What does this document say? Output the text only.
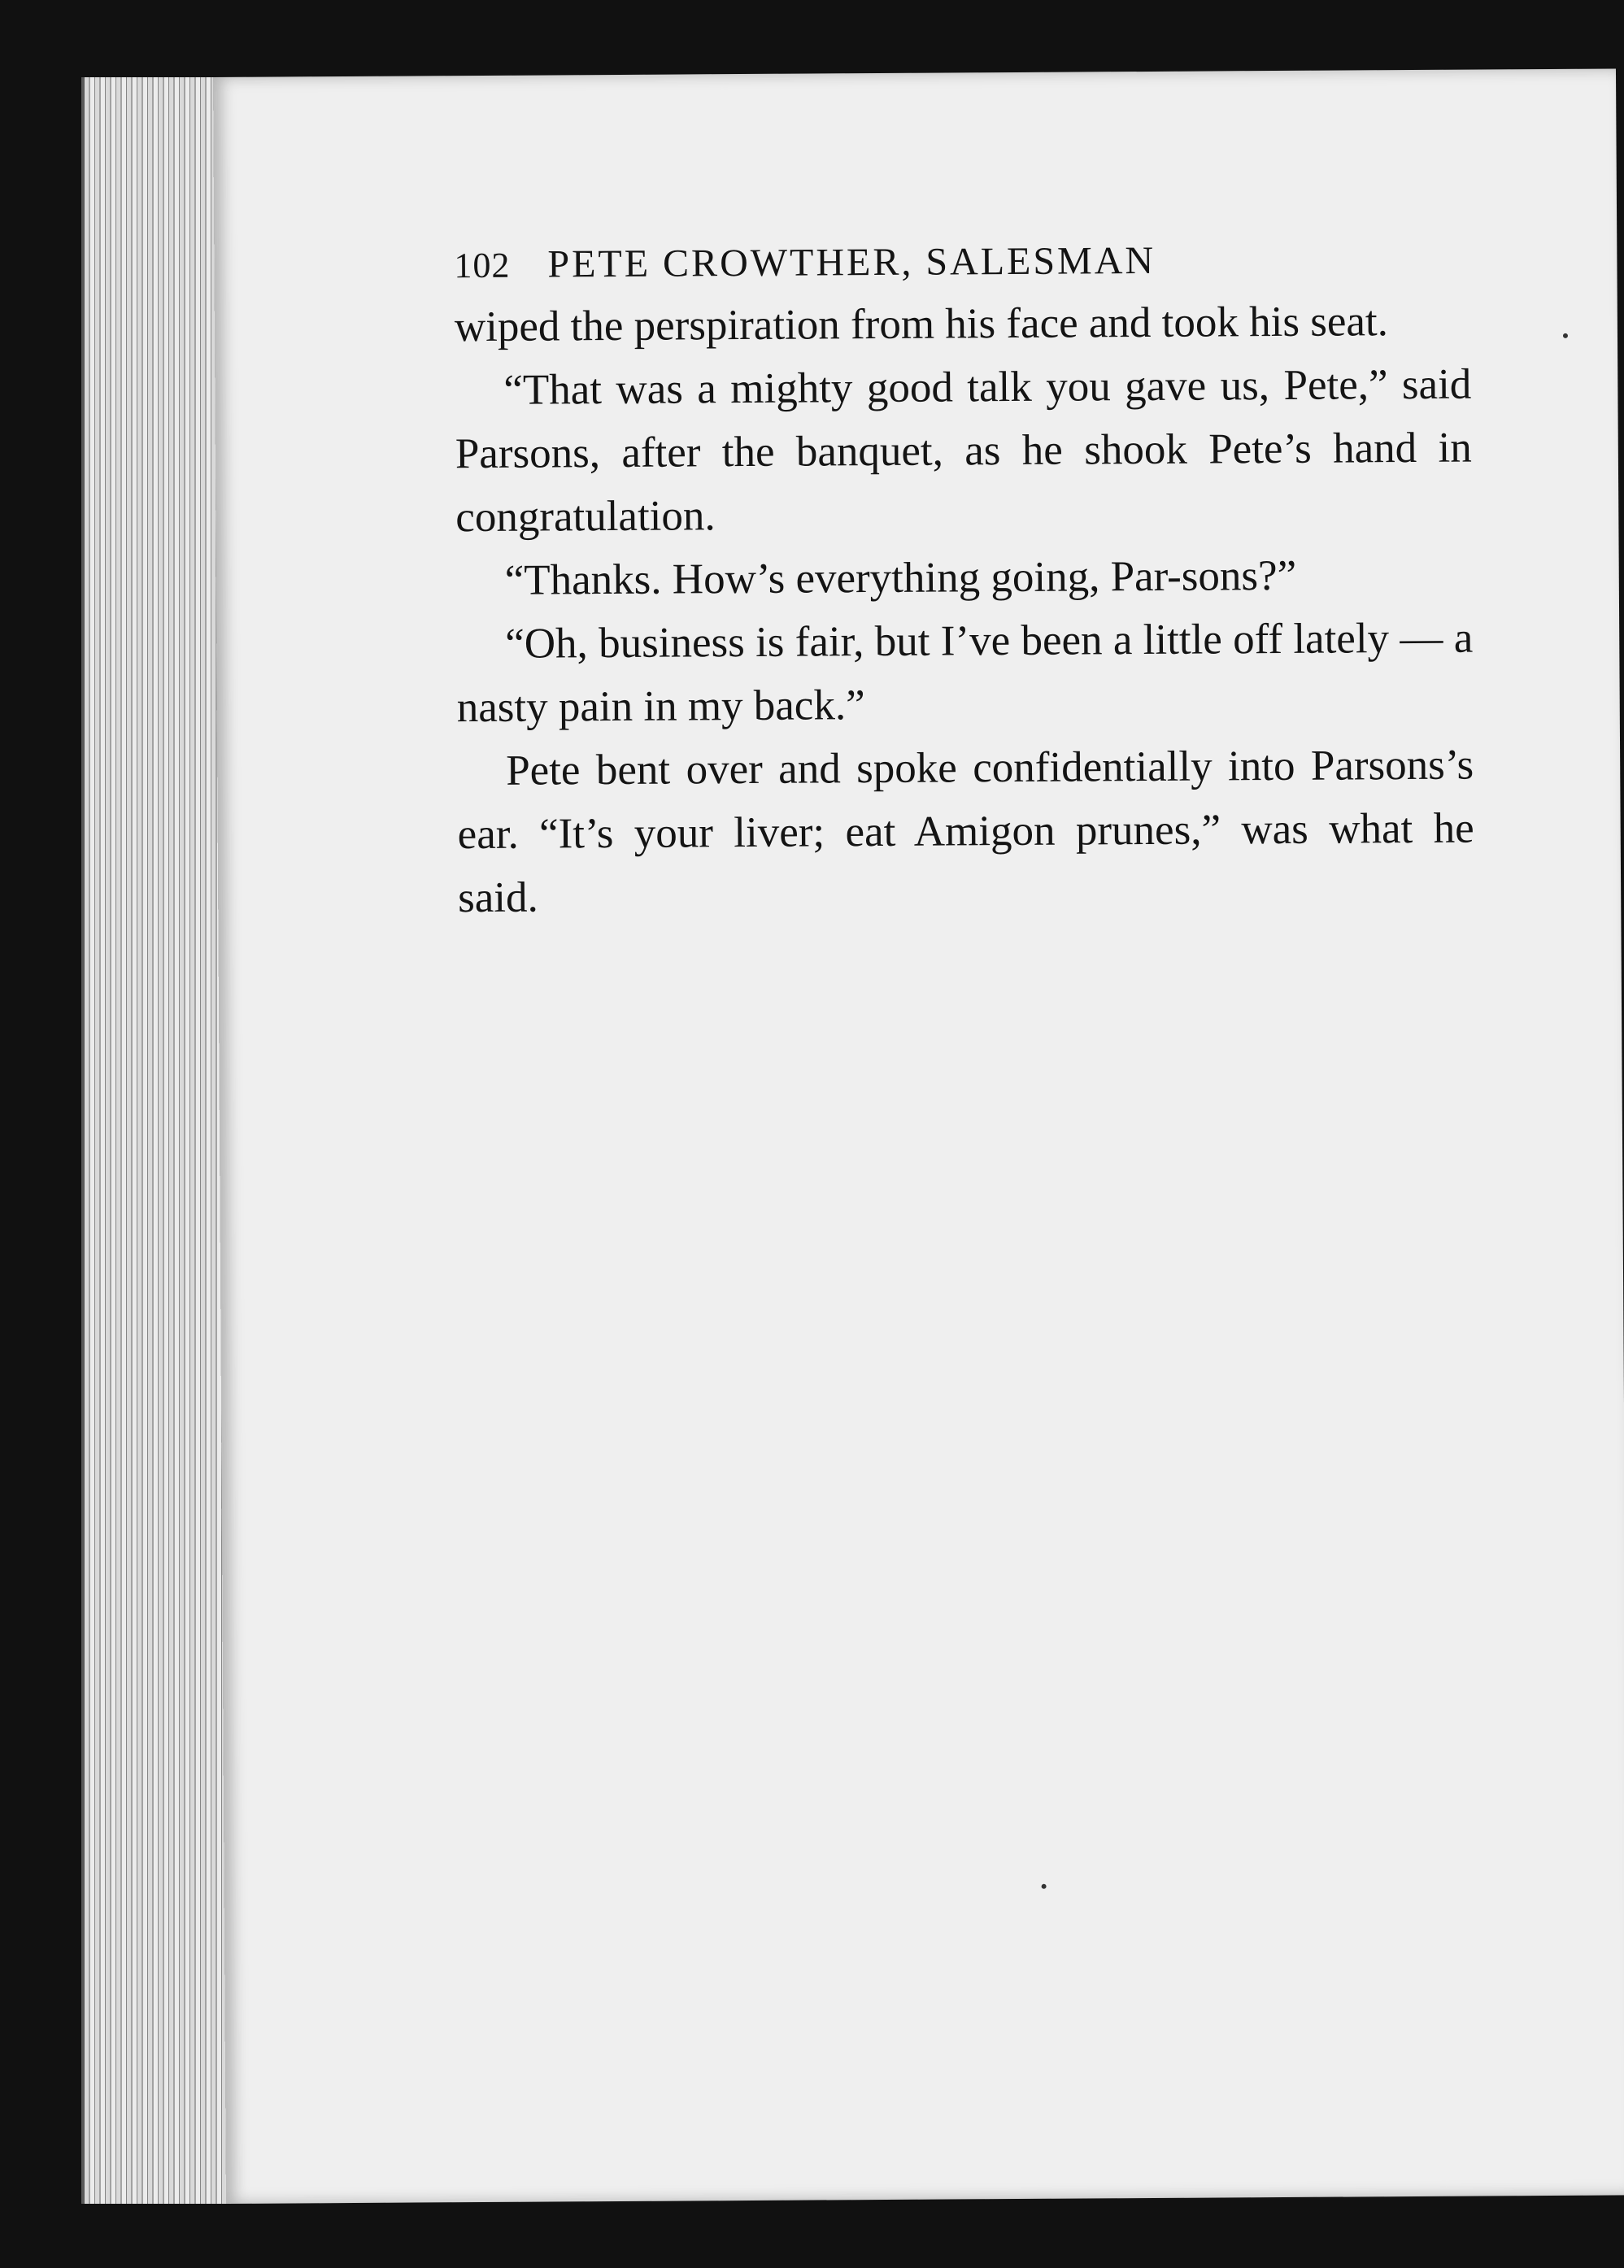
102 PETE CROWTHER, SALESMAN

wiped the perspiration from his face and took his seat.

“That was a mighty good talk you gave us, Pete,” said Parsons, after the banquet, as he shook Pete’s hand in congratulation.

“Thanks. How’s everything going, Par-sons?”

“Oh, business is fair, but I’ve been a little off lately — a nasty pain in my back.”

Pete bent over and spoke confidentially into Parsons’s ear. “It’s your liver; eat Amigon prunes,” was what he said.
